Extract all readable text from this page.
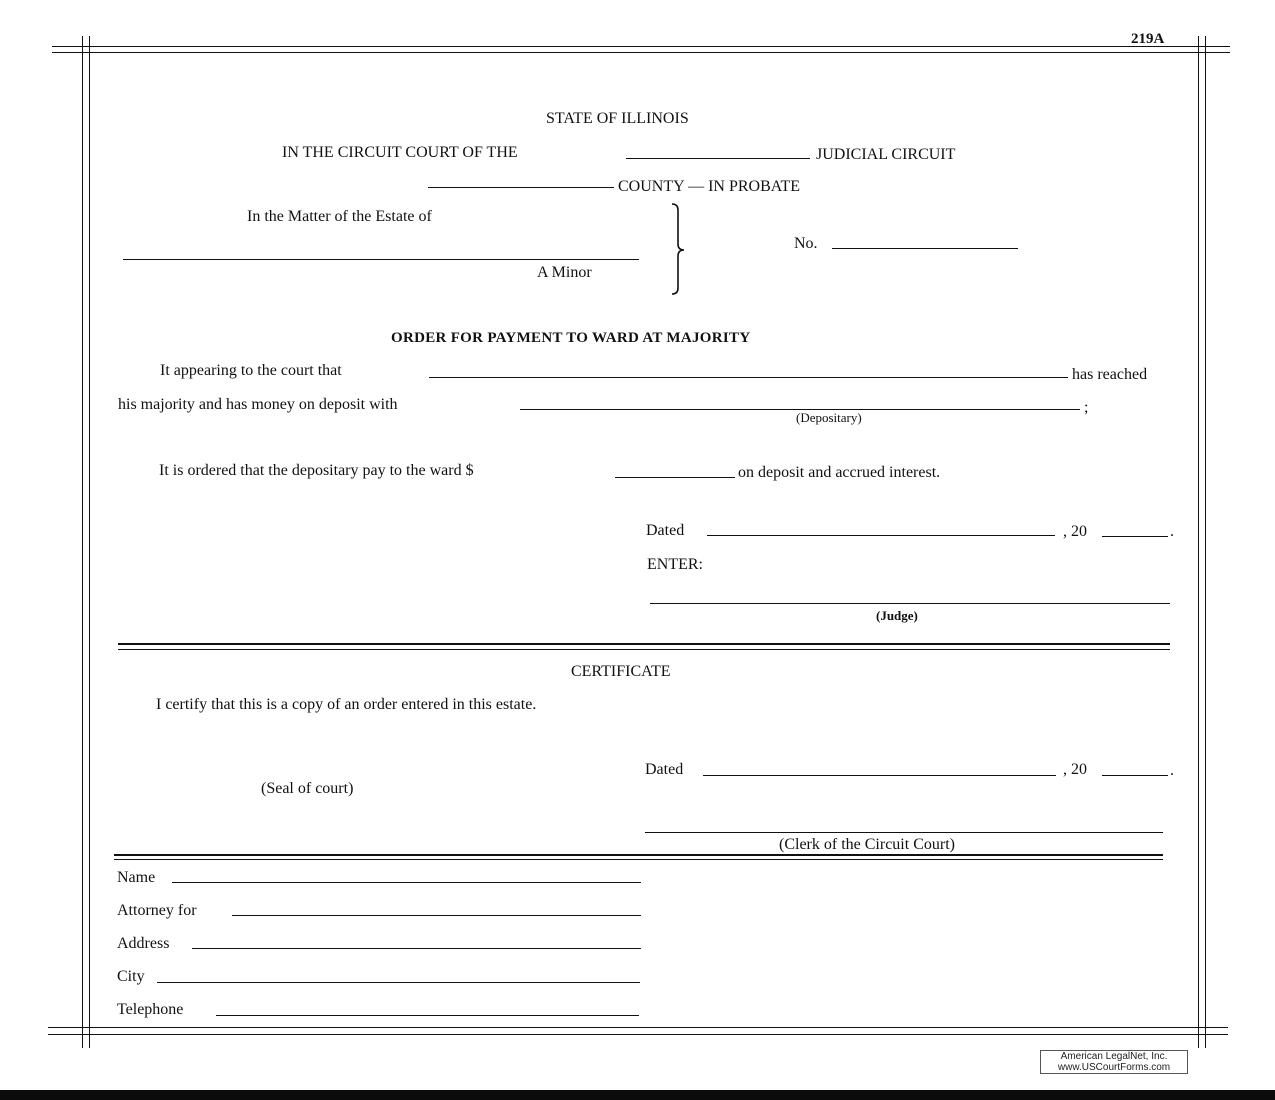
219A
STATE OF ILLINOIS
IN THE CIRCUIT COURT OF THE	JUDICIAL CIRCUIT
COUNTY — IN PROBATE
In the Matter of the Estate of
A Minor
No.
ORDER FOR PAYMENT TO WARD AT MAJORITY
It appearing to the court that	has reached
his majority and has money on deposit with	;
(Depositary)
It is ordered that the depositary pay to the ward $	on deposit and accrued interest.
Dated	, 20	.
ENTER:
(Judge)
CERTIFICATE
I certify that this is a copy of an order entered in this estate.
Dated	, 20	.
(Seal of court)
(Clerk of the Circuit Court)
Name
Attorney for
Address
City
Telephone
American LegalNet, Inc.
www.USCourtForms.com
